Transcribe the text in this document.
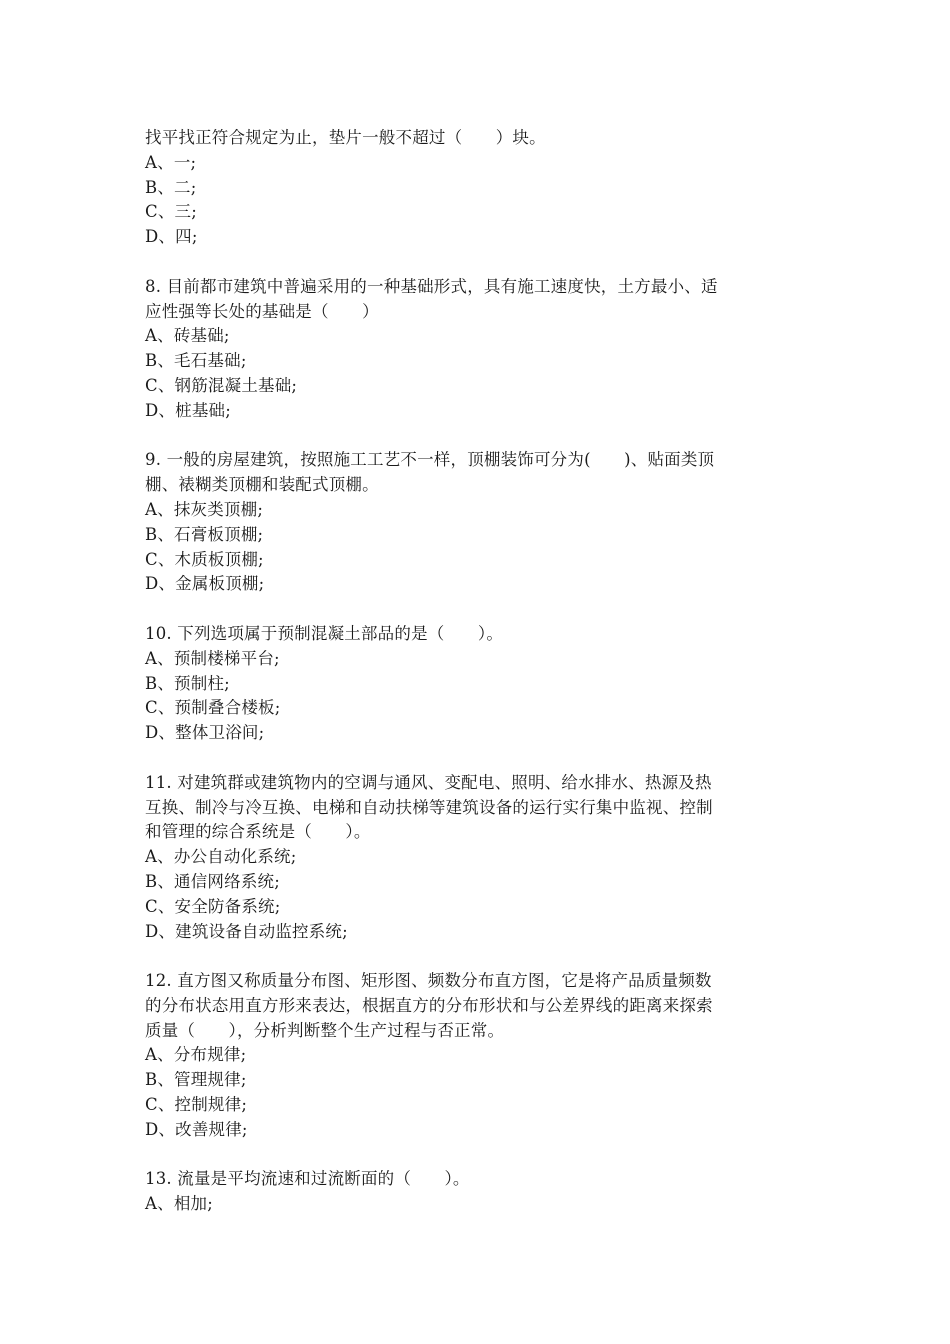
找平找正符合规定为止，垫片一般不超过（　　）块。
A、一;
B、二;
C、三;
D、四;
8. 目前都市建筑中普遍采用的一种基础形式，具有施工速度快，土方最小、适
应性强等长处的基础是（　　）
A、砖基础;
B、毛石基础;
C、钢筋混凝土基础;
D、桩基础;
9. 一般的房屋建筑，按照施工工艺不一样，顶棚装饰可分为(　　)、贴面类顶
棚、裱糊类顶棚和装配式顶棚。
A、抹灰类顶棚;
B、石膏板顶棚;
C、木质板顶棚;
D、金属板顶棚;
10. 下列选项属于预制混凝土部品的是（　　）。
A、预制楼梯平台;
B、预制柱;
C、预制叠合楼板;
D、整体卫浴间;
11. 对建筑群或建筑物内的空调与通风、变配电、照明、给水排水、热源及热
互换、制冷与冷互换、电梯和自动扶梯等建筑设备的运行实行集中监视、控制
和管理的综合系统是（　　）。
A、办公自动化系统;
B、通信网络系统;
C、安全防备系统;
D、建筑设备自动监控系统;
12. 直方图又称质量分布图、矩形图、频数分布直方图，它是将产品质量频数
的分布状态用直方形来表达，根据直方的分布形状和与公差界线的距离来探索
质量（　　），分析判断整个生产过程与否正常。
A、分布规律;
B、管理规律;
C、控制规律;
D、改善规律;
13. 流量是平均流速和过流断面的（　　）。
A、相加;
